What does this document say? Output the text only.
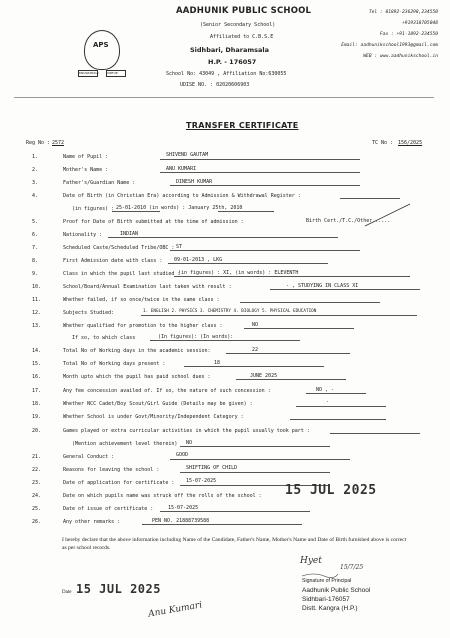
APS
KNOWLEDGE	VIRTUE
AADHUNIK PUBLIC SCHOOL
(Senior Secondary School)
Affiliated to C.B.S.E
Sidhbari, Dharamsala
H.P. - 176057
School No: 43049 , Affiliation No:630055
UDISE NO. : 02020606903
Tel : 01892-236298,234550
+919318705048
Fax : +91-1892-234550
Email: aadhunikschool1993@gmail.com
WEB : www.aadhunikschool.in
TRANSFER CERTIFICATE
Reg No : 2572	TC No : 156/2025
1.	Name of Pupil :	SHIVEND GAUTAM
2.	Mother's Name :	ANU KUMARI
3.	Father's/Guardian Name :	DINESH KUMAR
4.	Date of Birth (in Christian Era) according to Admission & Withdrawal Register :
(in figures) : 25-01-2010 (in words) : January 25th, 2010
5.	Proof for Date of Birth submitted at the time of admission :	Birth Cert./T.C./Other......
6.	Nationality :	INDIAN
7.	Scheduled Caste/Scheduled Tribe/OBC : ST
8.	First Admission date with class : 09-01-2013 , LKG
9.	Class in which the pupil last studied :
(in figures) : XI, (in words) : ELEVENTH
10.	School/Board/Annual Examination last taken with result :	- , STUDYING IN CLASS XI
11.	Whether failed, if so once/twice in the same class :
12.	Subjects Studied:	1. ENGLISH 2. PHYSICS 3. CHEMISTRY 4. BIOLOGY 5. PHYSICAL EDUCATION
13.	Whether qualified for promotion to the higher class :	NO
If so, to which class	(In figures): (In words):
14.	Total No of Working days in the academic session:	22
15.	Total No of Working days present :	18
16.	Month upto which the pupil has paid school dues :	JUNE 2025
17.	Any fee concession availed of. If so, the nature of such concession :	NO , -
18.	Whether NCC Cadet/Boy Scout/Girl Guide (Details may be given) :	-
19.	Whether School is under Govt/Minority/Independent Category :
20.	Games played or extra curricular activities in which the pupil usually took part :
(Mention achievement level therein) NO
21.	General Conduct :	GOOD
22.	Reasons for leaving the school :	SHIFTING OF CHILD
23.	Date of application for certificate : 15-07-2025
24.	Date on which pupils name was struck off the rolls of the school : 15 JUL 2025
25.	Date of issue of certificate :	15-07-2025
26.	Any other remarks :	PEN NO. 21888739588
I hereby declare that the above information including Name of the Candidate, Father's Name, Mother's Name and Date of Birth furnished above is correct as per school records.
Date 15 JUL 2025
Hyet
15/7/25
Signature of Principal
Aadhunik Public School
Sidhbari-176057
Distt. Kangra (H.P.)
Anu Kumari
